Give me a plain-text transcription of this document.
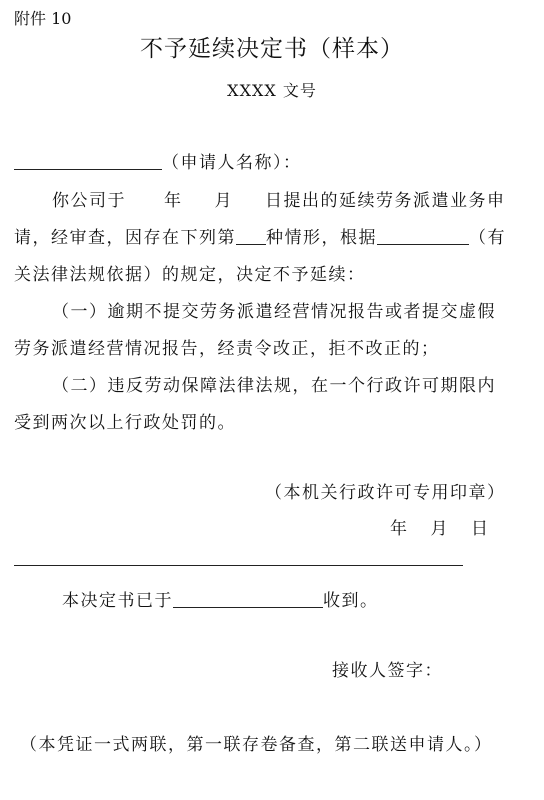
附件 10
不予延续决定书（样本）
XXXX 文号
（申请人名称）：
你公司于 年 月 日提出的延续劳务派遣业务申
请，经审查，因存在下列第 种情形，根据	（有
关法律法规依据）的规定，决定不予延续：
（一）逾期不提交劳务派遣经营情况报告或者提交虚假
劳务派遣经营情况报告，经责令改正，拒不改正的；
（二）违反劳动保障法律法规，在一个行政许可期限内
受到两次以上行政处罚的。
（本机关行政许可专用印章）
年 月 日
本决定书已于	收到。
接收人签字：
（本凭证一式两联，第一联存卷备查，第二联送申请人。）
